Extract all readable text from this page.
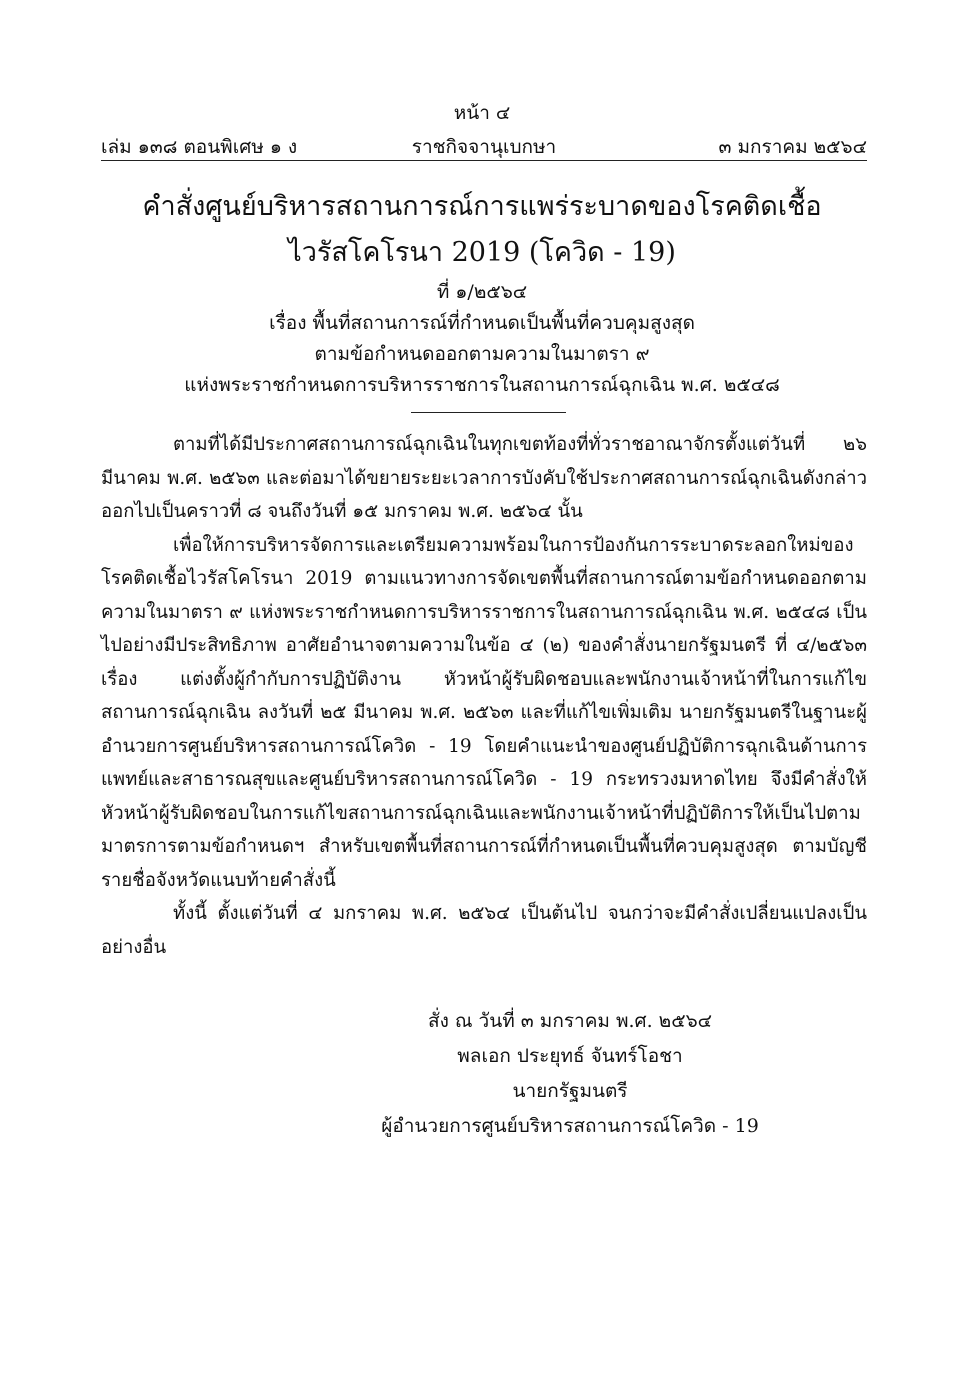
หน้า ๔
ราชกิจจานุเบกษา
เล่ม ๑๓๘ ตอนพิเศษ ๑ ง	๓ มกราคม ๒๕๖๔
คำสั่งศูนย์บริหารสถานการณ์การแพร่ระบาดของโรคติดเชื้อ
ไวรัสโคโรนา 2019 (โควิด - 19)
ที่ ๑/๒๕๖๔
เรื่อง พื้นที่สถานการณ์ที่กำหนดเป็นพื้นที่ควบคุมสูงสุด
ตามข้อกำหนดออกตามความในมาตรา ๙
แห่งพระราชกำหนดการบริหารราชการในสถานการณ์ฉุกเฉิน พ.ศ. ๒๕๔๘

ตามที่ได้มีประกาศสถานการณ์ฉุกเฉินในทุกเขตท้องที่ทั่วราชอาณาจักรตั้งแต่วันที่ ๒๖ มีนาคม พ.ศ. ๒๕๖๓ และต่อมาได้ขยายระยะเวลาการบังคับใช้ประกาศสถานการณ์ฉุกเฉินดังกล่าวออกไปเป็นคราวที่ ๘ จนถึงวันที่ ๑๕ มกราคม พ.ศ. ๒๕๖๔ นั้น

เพื่อให้การบริหารจัดการและเตรียมความพร้อมในการป้องกันการระบาดระลอกใหม่ของโรคติดเชื้อไวรัสโคโรนา 2019 ตามแนวทางการจัดเขตพื้นที่สถานการณ์ตามข้อกำหนดออกตามความในมาตรา ๙ แห่งพระราชกำหนดการบริหารราชการในสถานการณ์ฉุกเฉิน พ.ศ. ๒๕๔๘ เป็นไปอย่างมีประสิทธิภาพ อาศัยอำนาจตามความในข้อ ๔ (๒) ของคำสั่งนายกรัฐมนตรี ที่ ๔/๒๕๖๓ เรื่อง แต่งตั้งผู้กำกับการปฏิบัติงาน หัวหน้าผู้รับผิดชอบและพนักงานเจ้าหน้าที่ในการแก้ไขสถานการณ์ฉุกเฉิน ลงวันที่ ๒๕ มีนาคม พ.ศ. ๒๕๖๓ และที่แก้ไขเพิ่มเติม นายกรัฐมนตรีในฐานะผู้อำนวยการศูนย์บริหารสถานการณ์โควิด - 19 โดยคำแนะนำของศูนย์ปฏิบัติการฉุกเฉินด้านการแพทย์และสาธารณสุขและศูนย์บริหารสถานการณ์โควิด - 19 กระทรวงมหาดไทย จึงมีคำสั่งให้หัวหน้าผู้รับผิดชอบในการแก้ไขสถานการณ์ฉุกเฉินและพนักงานเจ้าหน้าที่ปฏิบัติการให้เป็นไปตามมาตรการตามข้อกำหนดฯ สำหรับเขตพื้นที่สถานการณ์ที่กำหนดเป็นพื้นที่ควบคุมสูงสุด ตามบัญชีรายชื่อจังหวัดแนบท้ายคำสั่งนี้

ทั้งนี้ ตั้งแต่วันที่ ๔ มกราคม พ.ศ. ๒๕๖๔ เป็นต้นไป จนกว่าจะมีคำสั่งเปลี่ยนแปลงเป็นอย่างอื่น

สั่ง ณ วันที่ ๓ มกราคม พ.ศ. ๒๕๖๔
พลเอก ประยุทธ์ จันทร์โอชา
นายกรัฐมนตรี
ผู้อำนวยการศูนย์บริหารสถานการณ์โควิด - 19
